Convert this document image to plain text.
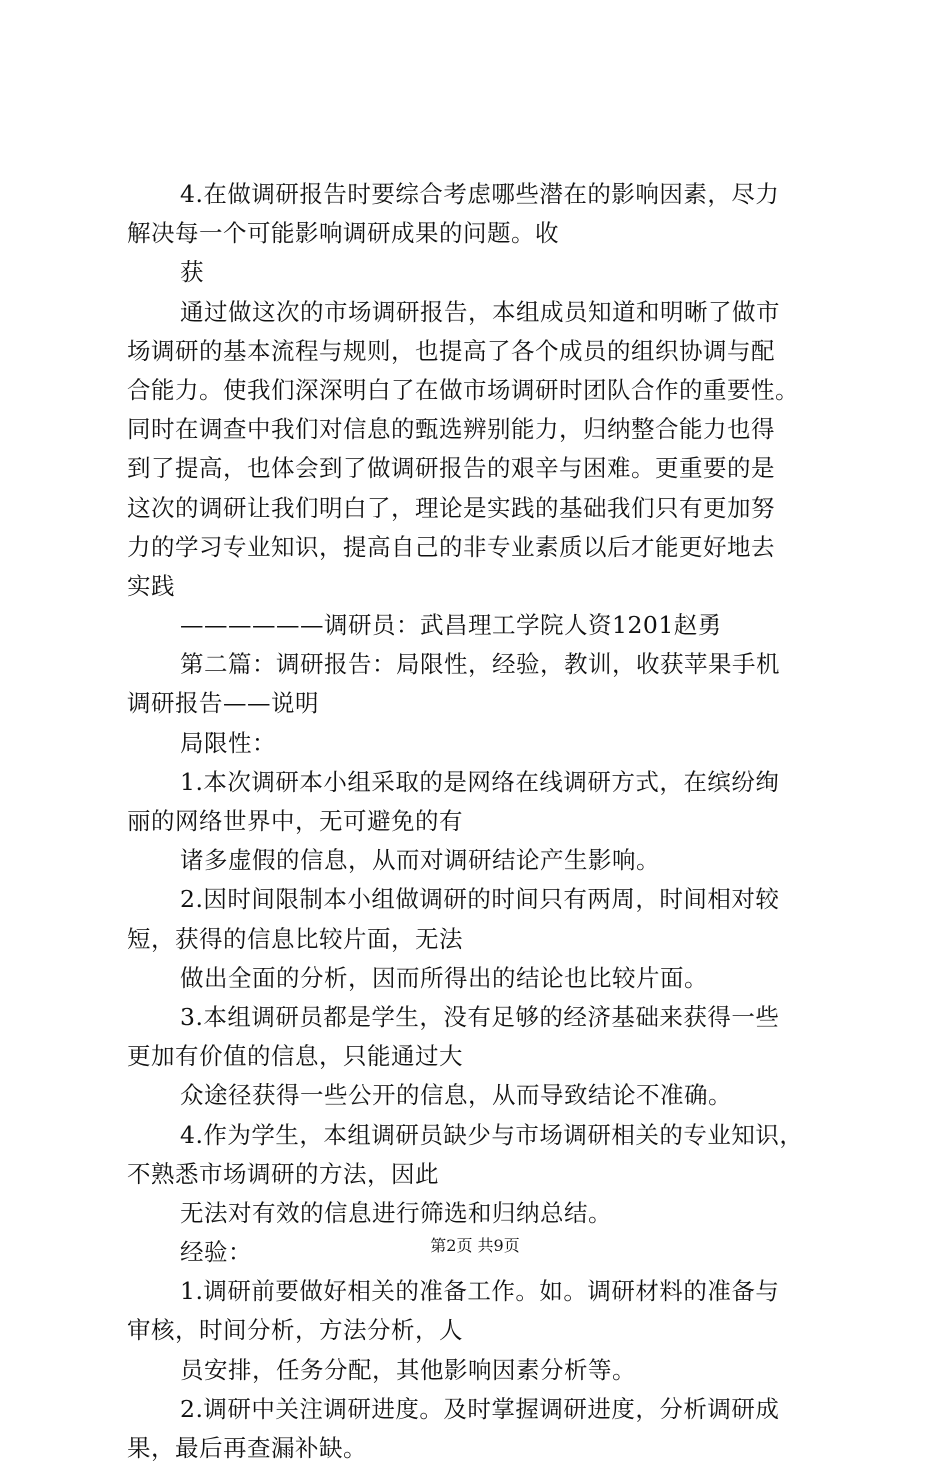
4.在做调研报告时要综合考虑哪些潜在的影响因素，尽力
解决每一个可能影响调研成果的问题。收
获
通过做这次的市场调研报告，本组成员知道和明晰了做市
场调研的基本流程与规则，也提高了各个成员的组织协调与配
合能力。使我们深深明白了在做市场调研时团队合作的重要性。
同时在调查中我们对信息的甄选辨别能力，归纳整合能力也得
到了提高，也体会到了做调研报告的艰辛与困难。更重要的是
这次的调研让我们明白了，理论是实践的基础我们只有更加努
力的学习专业知识，提高自己的非专业素质以后才能更好地去
实践
——————调研员：武昌理工学院人资1201赵勇
第二篇：调研报告：局限性，经验，教训，收获苹果手机
调研报告——说明
局限性：
1.本次调研本小组采取的是网络在线调研方式，在缤纷绚
丽的网络世界中，无可避免的有
诸多虚假的信息，从而对调研结论产生影响。
2.因时间限制本小组做调研的时间只有两周，时间相对较
短，获得的信息比较片面，无法
做出全面的分析，因而所得出的结论也比较片面。
3.本组调研员都是学生，没有足够的经济基础来获得一些
更加有价值的信息，只能通过大
众途径获得一些公开的信息，从而导致结论不准确。
4.作为学生，本组调研员缺少与市场调研相关的专业知识，
不熟悉市场调研的方法，因此
无法对有效的信息进行筛选和归纳总结。
经验：
1.调研前要做好相关的准备工作。如。调研材料的准备与
审核，时间分析，方法分析，人
员安排，任务分配，其他影响因素分析等。
2.调研中关注调研进度。及时掌握调研进度，分析调研成
果，最后再查漏补缺。
第2页 共9页
